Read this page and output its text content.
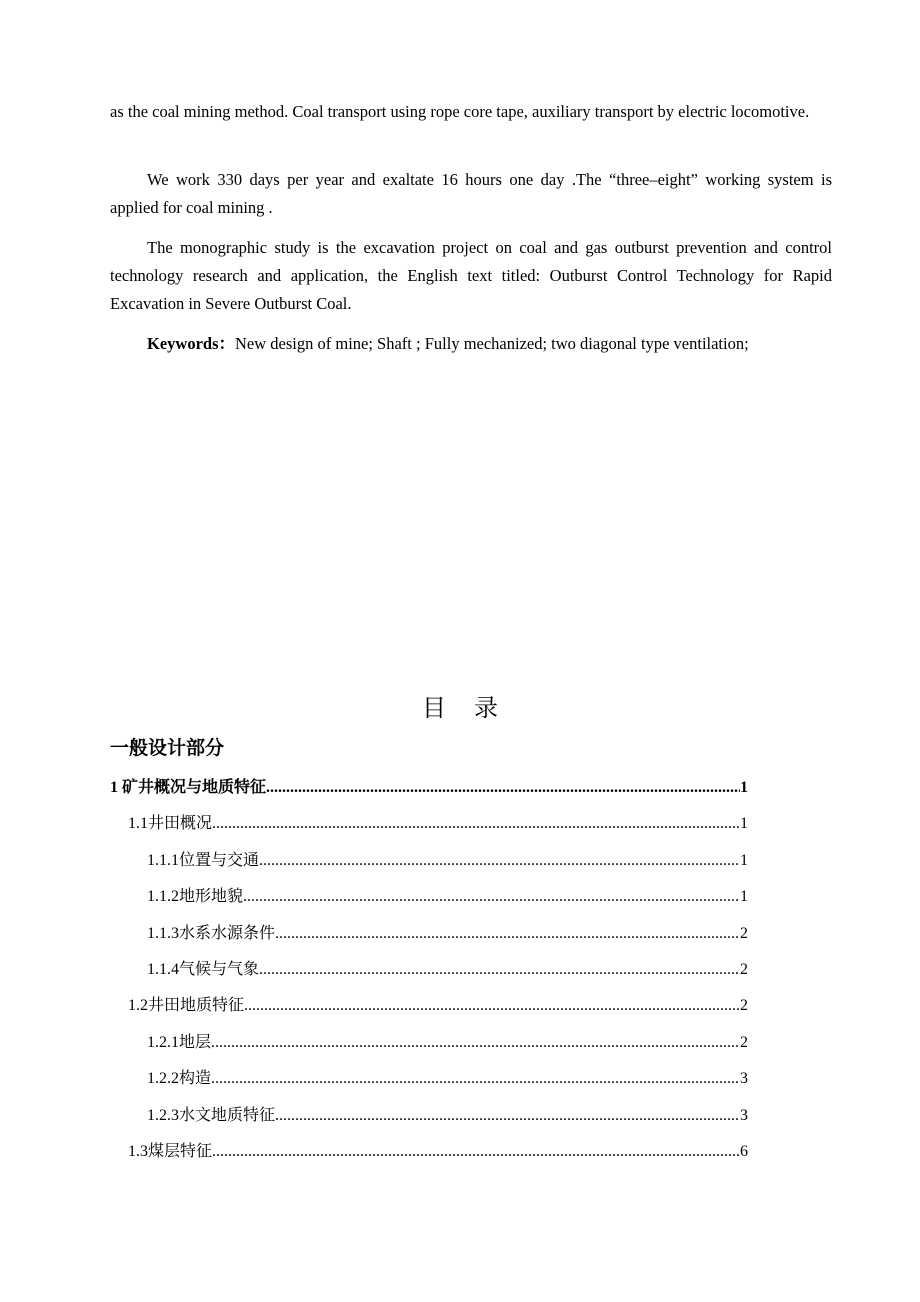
as the coal mining method. Coal transport using rope core tape, auxiliary transport by electric locomotive.

We work 330 days per year and exaltate 16 hours one day .The “three–eight” working system is applied for coal mining .

The monographic study is the excavation project on coal and gas outburst prevention and control technology research and application, the English text titled: Outburst Control Technology for Rapid Excavation in Severe Outburst Coal.

Keywords：New design of mine; Shaft ; Fully mechanized; two diagonal type ventilation;

目录
一般设计部分
1 矿井概况与地质特征 .....	1
1.1井田概况 .....	1
1.1.1位置与交通 .....	1
1.1.2地形地貌 .....	1
1.1.3水系水源条件 .....	2
1.1.4气候与气象 .....	2
1.2井田地质特征 .....	2
1.2.1地层 .....	2
1.2.2构造 .....	3
1.2.3水文地质特征 .....	3
1.3煤层特征 .....	6
